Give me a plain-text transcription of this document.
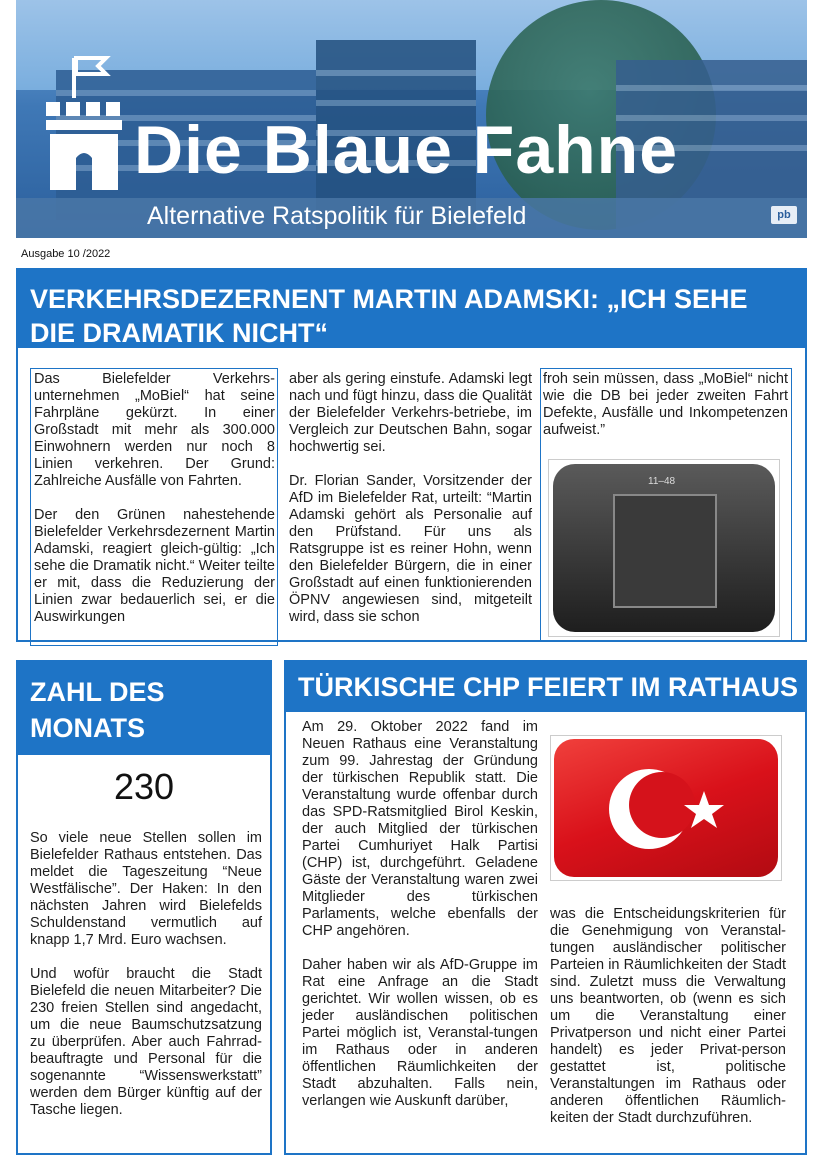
pb
Die Blaue Fahne
Alternative Ratspolitik für Bielefeld
Ausgabe 10 /2022
VERKEHRSDEZERNENT MARTIN ADAMSKI: „ICH SEHE DIE DRAMATIK NICHT“

Das Bielefelder Verkehrs-unternehmen „MoBiel“ hat seine Fahrpläne gekürzt. In einer Großstadt mit mehr als 300.000 Einwohnern werden nur noch 8 Linien verkehren. Der Grund: Zahlreiche Ausfälle von Fahrten.

Der den Grünen nahestehende Bielefelder Verkehrsdezernent Martin Adamski, reagiert gleich-gültig: „Ich sehe die Dramatik nicht.“ Weiter teilte er mit, dass die Reduzierung der Linien zwar bedauerlich sei, er die Auswirkungen

aber als gering einstufe. Adamski legt nach und fügt hinzu, dass die Qualität der Bielefelder Verkehrs-betriebe, im Vergleich zur Deutschen Bahn, sogar hochwertig sei.

Dr. Florian Sander, Vorsitzender der AfD im Bielefelder Rat, urteilt: “Martin Adamski gehört als Personalie auf den Prüfstand. Für uns als Ratsgruppe ist es reiner Hohn, wenn den Bielefelder Bürgern, die in einer Großstadt auf einen funktionierenden ÖPNV angewiesen sind, mitgeteilt wird, dass sie schon

froh sein müssen, dass „MoBiel“ nicht wie die DB bei jeder zweiten Fahrt Defekte, Ausfälle und Inkompetenzen aufweist.”

11–48
ZAHL DES MONATS
230

So viele neue Stellen sollen im Bielefelder Rathaus entstehen. Das meldet die Tageszeitung “Neue Westfälische”. Der Haken: In den nächsten Jahren wird Bielefelds Schuldenstand vermutlich auf knapp 1,7 Mrd. Euro wachsen.

Und wofür braucht die Stadt Bielefeld die neuen Mitarbeiter? Die 230 freien Stellen sind angedacht, um die neue Baumschutzsatzung zu überprüfen. Aber auch Fahrrad-beauftragte und Personal für die sogenannte “Wissenswerkstatt” werden dem Bürger künftig auf der Tasche liegen.

TÜRKISCHE CHP FEIERT IM RATHAUS

Am 29. Oktober 2022 fand im Neuen Rathaus eine Veranstaltung zum 99. Jahrestag der Gründung der türkischen Republik statt. Die Veranstaltung wurde offenbar durch das SPD-Ratsmitglied Birol Keskin, der auch Mitglied der türkischen Partei Cumhuriyet Halk Partisi (CHP) ist, durchgeführt. Geladene Gäste der Veranstaltung waren zwei Mitglieder des türkischen Parlaments, welche ebenfalls der CHP angehören.

Daher haben wir als AfD-Gruppe im Rat eine Anfrage an die Stadt gerichtet. Wir wollen wissen, ob es jeder ausländischen politischen Partei möglich ist, Veranstal-tungen im Rathaus oder in anderen öffentlichen Räumlichkeiten der Stadt abzuhalten. Falls nein, verlangen wie Auskunft darüber,

was die Entscheidungskriterien für die Genehmigung von Veranstal-tungen ausländischer politischer Parteien in Räumlichkeiten der Stadt sind. Zuletzt muss die Verwaltung uns beantworten, ob (wenn es sich um die Veranstaltung einer Privatperson und nicht einer Partei handelt) es jeder Privat-person gestattet ist, politische Veranstaltungen im Rathaus oder anderen öffentlichen Räumlich-keiten der Stadt durchzuführen.
